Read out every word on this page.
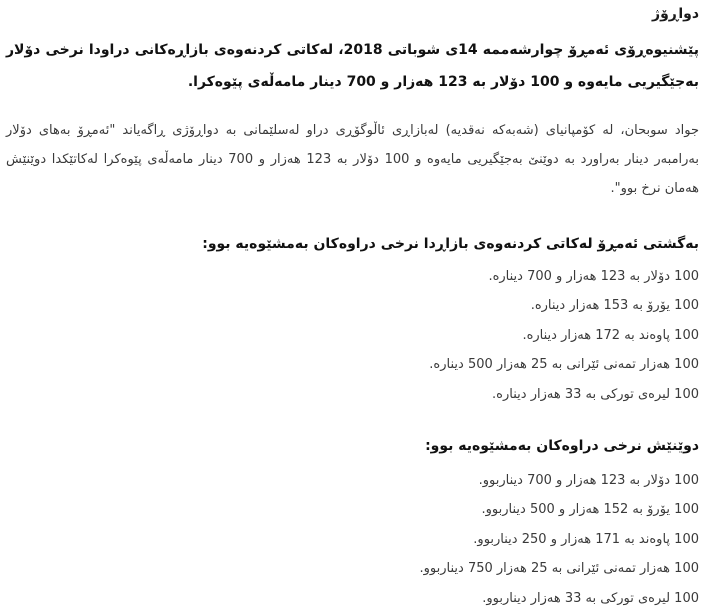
دواڕۆژ
پێشنیوەڕۆی ئەمڕۆ چوارشەممە 14ی شوباتی 2018، لەکاتی کردنەوەی بازاڕەکانی دراودا نرخی دۆلار بەجێگیریی مایەوە و 100 دۆلار بە 123 هەزار و 700 دینار مامەڵەی پێوەکرا.
جواد سوبحان، لە کۆمپانیای (شەبەکە نەقدیە) لەبازاڕی ئاڵوگۆڕی دراو لەسلێمانی بە دواڕۆژی ڕاگەیاند "ئەمڕۆ بەهای دۆلار بەرامبەر دینار بەراورد بە دوێنێ بەجێگیریی مایەوە و 100 دۆلار بە 123 هەزار و 700 دینار مامەڵەی پێوەکرا لەکاتێکدا دوێنێش هەمان نرخ بوو".
بەگشتی ئەمڕۆ لەکاتی کردنەوەی بازاڕدا نرخی دراوەکان بەمشێوەیە بوو:
100 دۆلار بە 123 هەزار و 700 دینارە.
100 یۆرۆ بە 153 هەزار دینارە.
100 پاوەند بە 172 هەزار دینارە.
100 هەزار تمەنی ئێرانی بە 25 هەزار 500 دینارە.
100 لیرەی تورکی بە 33 هەزار دینارە.
دوێنێش نرخی دراوەکان بەمشێوەیە بوو:
100 دۆلار بە 123 هەزار و 700 دیناربوو.
100 یۆرۆ بە 152 هەزار و 500 دیناربوو.
100 پاوەند بە 171 هەزار و 250 دیناربوو.
100 هەزار تمەنی ئێرانی بە 25 هەزار 750 دیناربوو.
100 لیرەی تورکی بە 33 هەزار دیناربوو.
